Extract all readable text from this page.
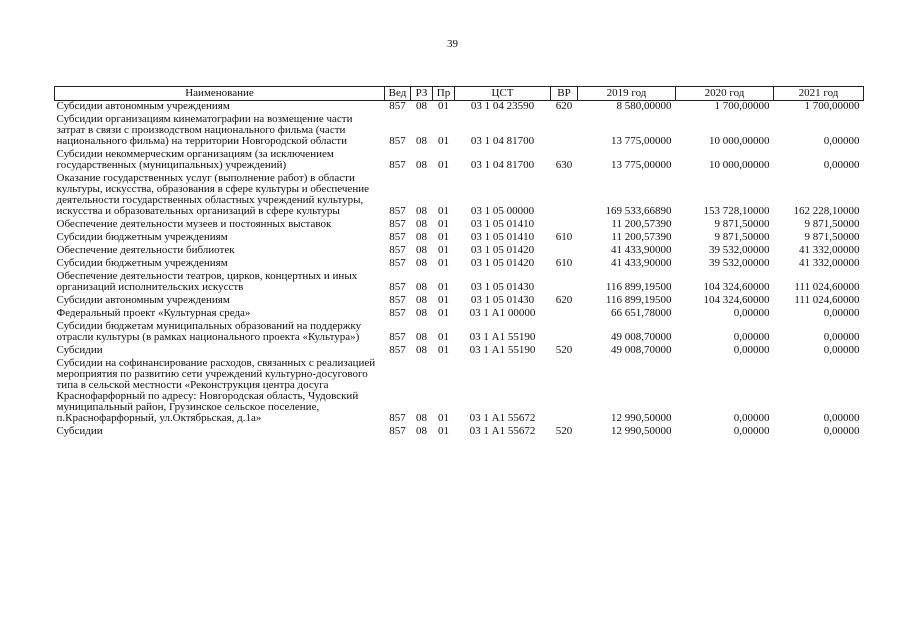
39
Наименование	Вед	РЗ	Пр	ЦСТ	ВР	2019 год	2020 год	2021 год
Субсидии автономным учреждениям	857	08	01	03 1 04 23590	620	8 580,00000	1 700,00000	1 700,00000
Субсидии организациям кинематографии на возмещение части затрат в связи с производством национального фильма (части национального фильма) на территории Новгородской области	857	08	01	03 1 04 81700		13 775,00000	10 000,00000	0,00000
Субсидии некоммерческим организациям (за исключением государственных (муниципальных) учреждений)	857	08	01	03 1 04 81700	630	13 775,00000	10 000,00000	0,00000
Оказание государственных услуг (выполнение работ) в области культуры, искусства, образования в сфере культуры и обеспечение деятельности государственных областных учреждений культуры, искусства и образовательных организаций в сфере культуры	857	08	01	03 1 05 00000		169 533,66890	153 728,10000	162 228,10000
Обеспечение деятельности музеев и постоянных выставок	857	08	01	03 1 05 01410		11 200,57390	9 871,50000	9 871,50000
Субсидии бюджетным учреждениям	857	08	01	03 1 05 01410	610	11 200,57390	9 871,50000	9 871,50000
Обеспечение деятельности библиотек	857	08	01	03 1 05 01420		41 433,90000	39 532,00000	41 332,00000
Субсидии бюджетным учреждениям	857	08	01	03 1 05 01420	610	41 433,90000	39 532,00000	41 332,00000
Обеспечение деятельности театров, цирков, концертных и иных организаций исполнительских искусств	857	08	01	03 1 05 01430		116 899,19500	104 324,60000	111 024,60000
Субсидии автономным учреждениям	857	08	01	03 1 05 01430	620	116 899,19500	104 324,60000	111 024,60000
Федеральный проект «Культурная среда»	857	08	01	03 1 А1 00000		66 651,78000	0,00000	0,00000
Субсидии бюджетам муниципальных образований на поддержку отрасли культуры (в рамках национального проекта «Культура»)	857	08	01	03 1 А1 55190		49 008,70000	0,00000	0,00000
Субсидии	857	08	01	03 1 А1 55190	520	49 008,70000	0,00000	0,00000
Субсидии на софинансирование расходов, связанных с реализацией мероприятия по развитию сети учреждений культурно-досугового типа в сельской местности «Реконструкция центра досуга Краснофарфорный по адресу: Новгородская область, Чудовский муниципальный район, Грузинское сельское поселение, п.Краснофарфорный, ул.Октябрьская, д.1а»	857	08	01	03 1 А1 55672		12 990,50000	0,00000	0,00000
Субсидии	857	08	01	03 1 А1 55672	520	12 990,50000	0,00000	0,00000
